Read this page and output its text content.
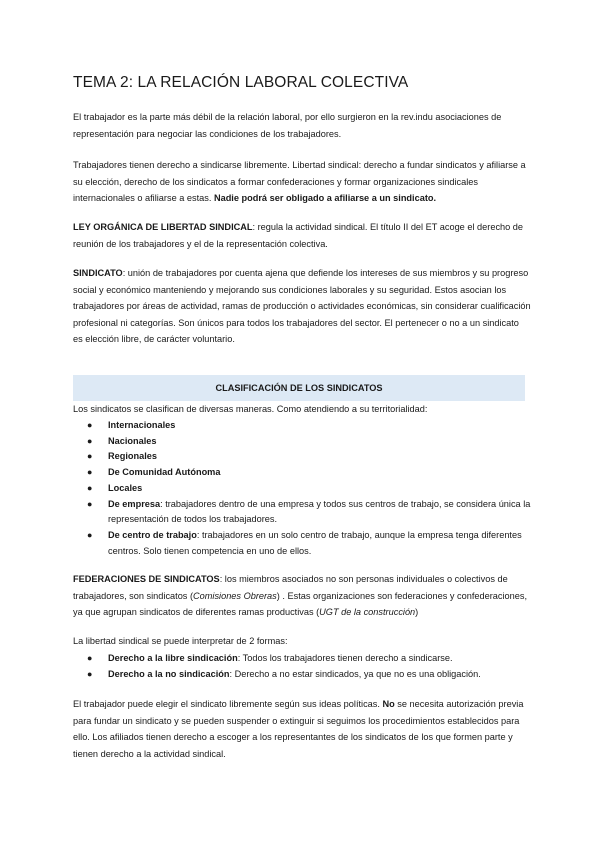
TEMA 2: LA RELACIÓN LABORAL COLECTIVA

El trabajador es la parte más débil de la relación laboral, por ello surgieron en la rev.indu asociaciones de representación para negociar las condiciones de los trabajadores.

Trabajadores tienen derecho a sindicarse libremente. Libertad sindical: derecho a fundar sindicatos y afiliarse a su elección, derecho de los sindicatos a formar confederaciones y formar organizaciones sindicales internacionales o afiliarse a estas. Nadie podrá ser obligado a afiliarse a un sindicato.

LEY ORGÁNICA DE LIBERTAD SINDICAL: regula la actividad sindical. El título II del ET acoge el derecho de reunión de los trabajadores y el de la representación colectiva.

SINDICATO: unión de trabajadores por cuenta ajena que defiende los intereses de sus miembros y su progreso social y económico manteniendo y mejorando sus condiciones laborales y su seguridad. Estos asocian los trabajadores por áreas de actividad, ramas de producción o actividades económicas, sin considerar cualificación profesional ni categorías. Son únicos para todos los trabajadores del sector. El pertenecer o no a un sindicato es elección libre, de carácter voluntario.

CLASIFICACIÓN DE LOS SINDICATOS

Los sindicatos se clasifican de diversas maneras. Como atendiendo a su territorialidad:

● Internacionales
● Nacionales
● Regionales
● De Comunidad Autónoma
● Locales
● De empresa: trabajadores dentro de una empresa y todos sus centros de trabajo, se considera única la representación de todos los trabajadores.
● De centro de trabajo: trabajadores en un solo centro de trabajo, aunque la empresa tenga diferentes centros. Solo tienen competencia en uno de ellos.

FEDERACIONES DE SINDICATOS: los miembros asociados no son personas individuales o colectivos de trabajadores, son sindicatos (Comisiones Obreras) . Estas organizaciones son federaciones y confederaciones, ya que agrupan sindicatos de diferentes ramas productivas (UGT de la construcción)

La libertad sindical se puede interpretar de 2 formas:

● Derecho a la libre sindicación: Todos los trabajadores tienen derecho a sindicarse.
● Derecho a la no sindicación: Derecho a no estar sindicados, ya que no es una obligación.

El trabajador puede elegir el sindicato libremente según sus ideas políticas. No se necesita autorización previa para fundar un sindicato y se pueden suspender o extinguir si seguimos los procedimientos establecidos para ello. Los afiliados tienen derecho a escoger a los representantes de los sindicatos de los que formen parte y tienen derecho a la actividad sindical.
